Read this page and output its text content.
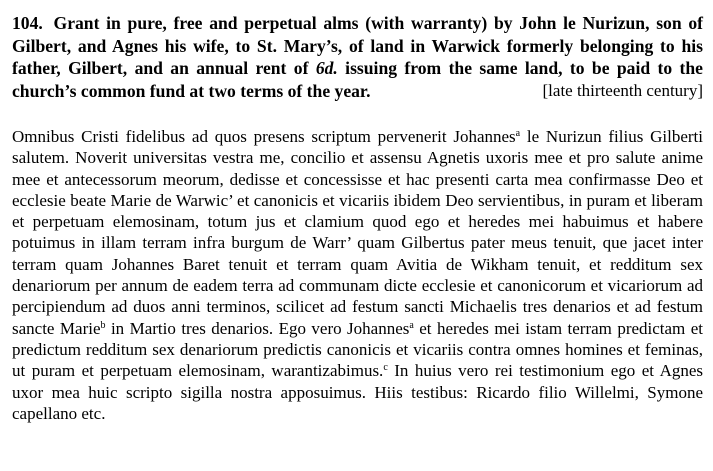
104. Grant in pure, free and perpetual alms (with warranty) by John le Nurizun, son of Gilbert, and Agnes his wife, to St. Mary’s, of land in Warwick formerly belonging to his father, Gilbert, and an annual rent of 6d. issuing from the same land, to be paid to the church’s common fund at two terms of the year.	[late thirteenth century]

Omnibus Cristi fidelibus ad quos presens scriptum pervenerit Johannes$^a$ le Nurizun filius Gilberti salutem. Noverit universitas vestra me, concilio et assensu Agnetis uxoris mee et pro salute anime mee et antecessorum meorum, dedisse et concessisse et hac presenti carta mea confirmasse Deo et ecclesie beate Marie de Warwic’ et canonicis et vicariis ibidem Deo servientibus, in puram et liberam et perpetuam elemosinam, totum jus et clamium quod ego et heredes mei habuimus et habere potuimus in illam terram infra burgum de Warr’ quam Gilbertus pater meus tenuit, que jacet inter terram quam Johannes Baret tenuit et terram quam Avitia de Wikham tenuit, et redditum sex denariorum per annum de eadem terra ad communam dicte ecclesie et canonicorum et vicariorum ad percipiendum ad duos anni terminos, scilicet ad festum sancti Michaelis tres denarios et ad festum sancte Marie$^b$ in Martio tres denarios. Ego vero Johannes$^a$ et heredes mei istam terram predictam et predictum redditum sex denariorum predictis canonicis et vicariis contra omnes homines et feminas, ut puram et perpetuam elemosinam, warantizabimus.$^c$ In huius vero rei testimonium ego et Agnes uxor mea huic scripto sigilla nostra apposuimus. Hiis testibus: Ricardo filio Willelmi, Symone capellano etc.
